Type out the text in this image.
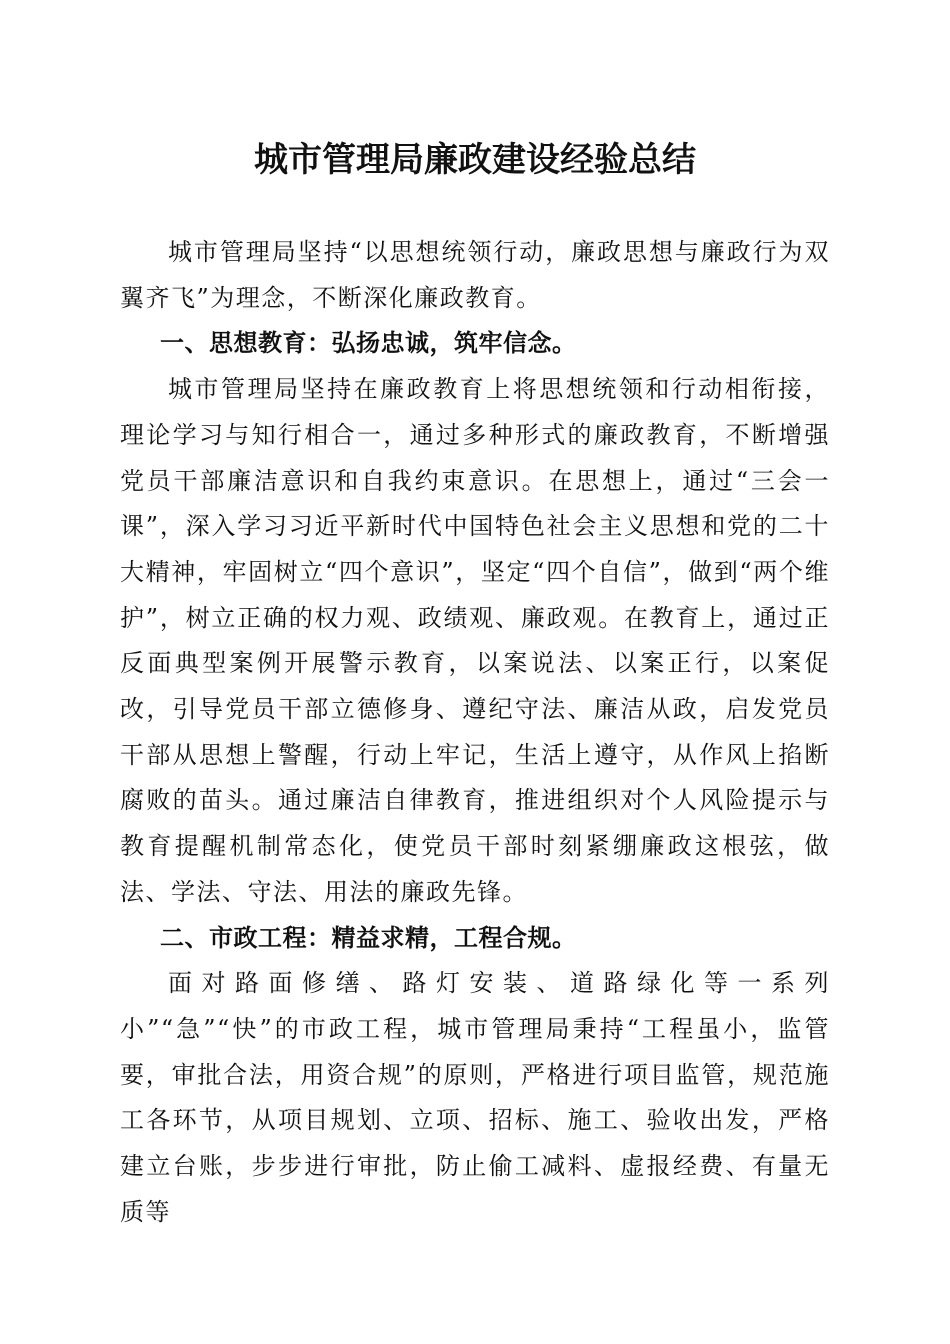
城市管理局廉政建设经验总结

城市管理局坚持“以思想统领行动，廉政思想与廉政行为双翼齐飞”为理念，不断深化廉政教育。

一、思想教育：弘扬忠诚，筑牢信念。

城市管理局坚持在廉政教育上将思想统领和行动相衔接，理论学习与知行相合一，通过多种形式的廉政教育，不断增强党员干部廉洁意识和自我约束意识。在思想上，通过“三会一课”，深入学习习近平新时代中国特色社会主义思想和党的二十大精神，牢固树立“四个意识”，坚定“四个自信”，做到“两个维护”，树立正确的权力观、政绩观、廉政观。在教育上，通过正反面典型案例开展警示教育，以案说法、以案正行，以案促改，引导党员干部立德修身、遵纪守法、廉洁从政，启发党员干部从思想上警醒，行动上牢记，生活上遵守，从作风上掐断腐败的苗头。通过廉洁自律教育，推进组织对个人风险提示与教育提醒机制常态化，使党员干部时刻紧绷廉政这根弦，做法、学法、守法、用法的廉政先锋。

二、市政工程：精益求精，工程合规。

面对路面修缮、路灯安装、道路绿化等一系列小”“急”“快”的市政工程，城市管理局秉持“工程虽小，监管要，审批合法，用资合规”的原则，严格进行项目监管，规范施工各环节，从项目规划、立项、招标、施工、验收出发，严格建立台账，步步进行审批，防止偷工减料、虚报经费、有量无质等
